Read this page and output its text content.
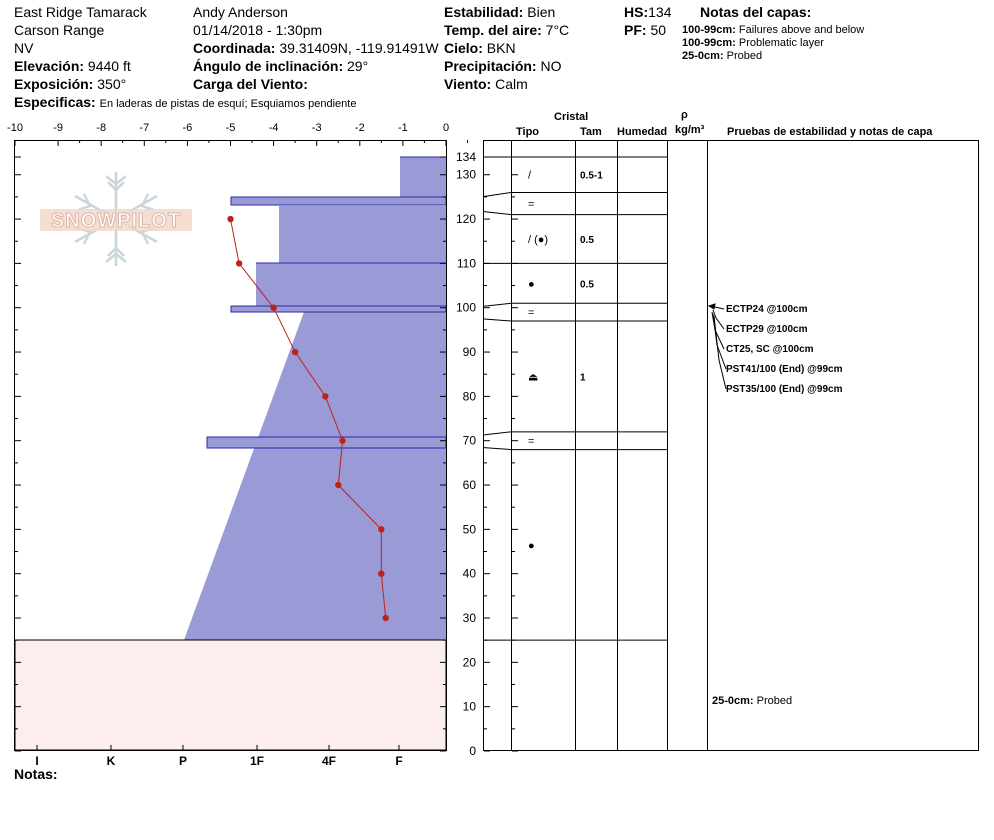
East Ridge Tamarack
Carson Range
NV
Elevación: 9440 ft
Exposición: 350°
Especificas: En laderas de pistas de esquí; Esquiamos pendiente
Andy Anderson
01/14/2018 - 1:30pm
Coordinada: 39.31409N, -119.91491W
Ángulo de inclinación: 29°
Carga del Viento:
Estabilidad: Bien
Temp. del aire: 7°C
Cielo: BKN
Precipitación: NO
Viento: Calm
HS:134
PF: 50
Notas del capas:
100-99cm: Failures above and below
100-99cm: Problematic layer
25-0cm: Probed
Cristal
Tipo	Tam Humedad
ρ
kg/m³ Pruebas de estabilidad y notas de capa
Notas:
SNOWPILOT
-10	-9	-8	-7	-6	-5	-4	-3	-2	-1	0
I	K	P	1F	4F	F
0
10
20
30
40
50
60
70
80
90
100
110
120
130
134
/	0.5-1
=
/ (●)	0.5
●	0.5
=
⏏	1
=
●
ECTP24 @100cm
ECTP29 @100cm
CT25, SC @100cm
PST41/100 (End) @99cm
PST35/100 (End) @99cm
25-0cm: Probed
